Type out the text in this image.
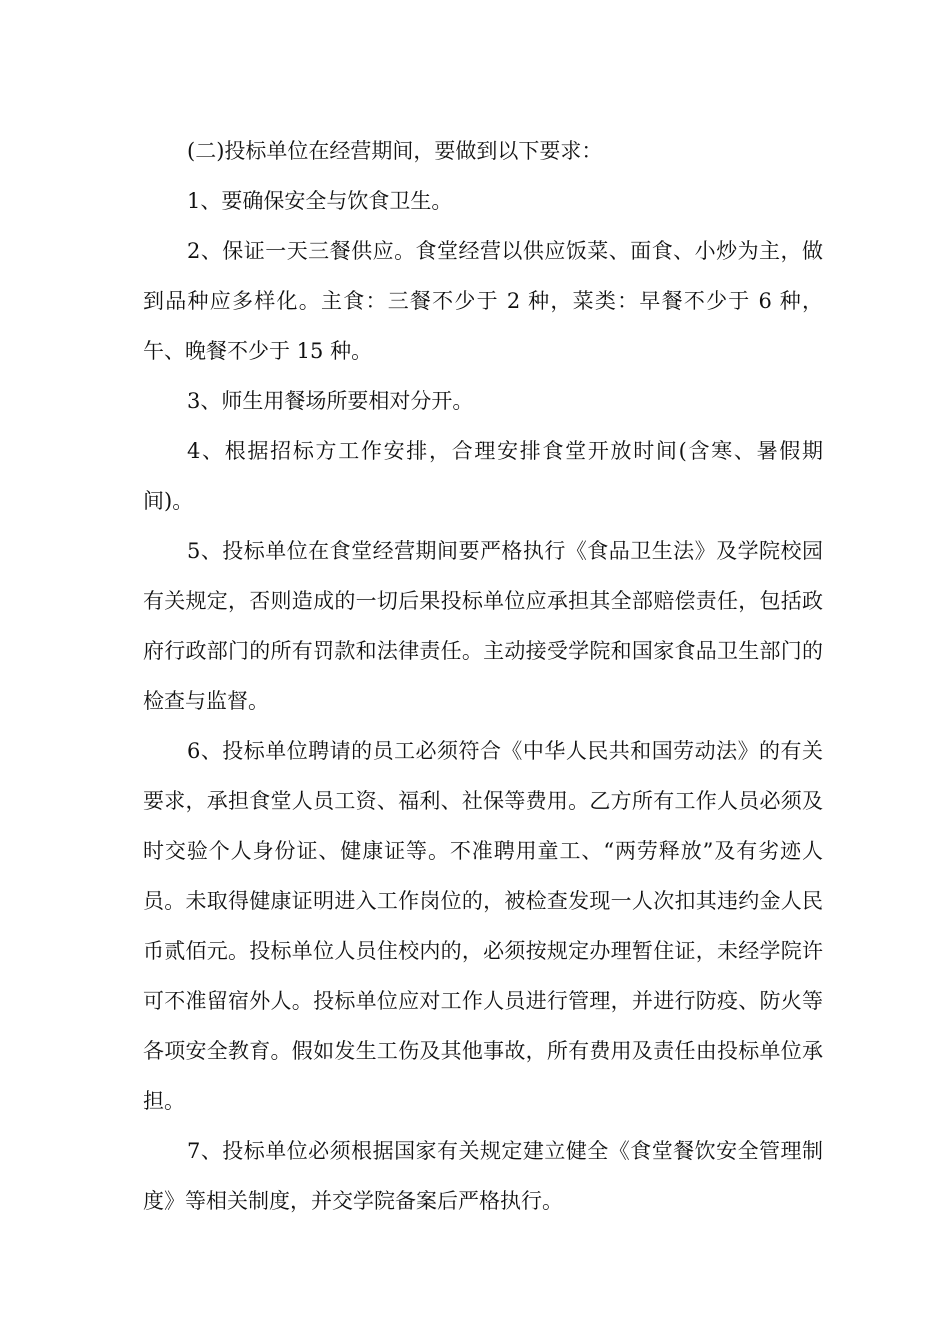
(二)投标单位在经营期间，要做到以下要求：

1、要确保安全与饮食卫生。

2、保证一天三餐供应。食堂经营以供应饭菜、面食、小炒为主，做到品种应多样化。主食：三餐不少于 2 种，菜类：早餐不少于 6 种，午、晚餐不少于 15 种。

3、师生用餐场所要相对分开。

4、根据招标方工作安排，合理安排食堂开放时间(含寒、暑假期间)。

5、投标单位在食堂经营期间要严格执行《食品卫生法》及学院校园有关规定，否则造成的一切后果投标单位应承担其全部赔偿责任，包括政府行政部门的所有罚款和法律责任。主动接受学院和国家食品卫生部门的检查与监督。

6、投标单位聘请的员工必须符合《中华人民共和国劳动法》的有关要求，承担食堂人员工资、福利、社保等费用。乙方所有工作人员必须及时交验个人身份证、健康证等。不准聘用童工、“两劳释放”及有劣迹人员。未取得健康证明进入工作岗位的，被检查发现一人次扣其违约金人民币贰佰元。投标单位人员住校内的，必须按规定办理暂住证，未经学院许可不准留宿外人。投标单位应对工作人员进行管理，并进行防疫、防火等各项安全教育。假如发生工伤及其他事故，所有费用及责任由投标单位承担。

7、投标单位必须根据国家有关规定建立健全《食堂餐饮安全管理制度》等相关制度，并交学院备案后严格执行。
